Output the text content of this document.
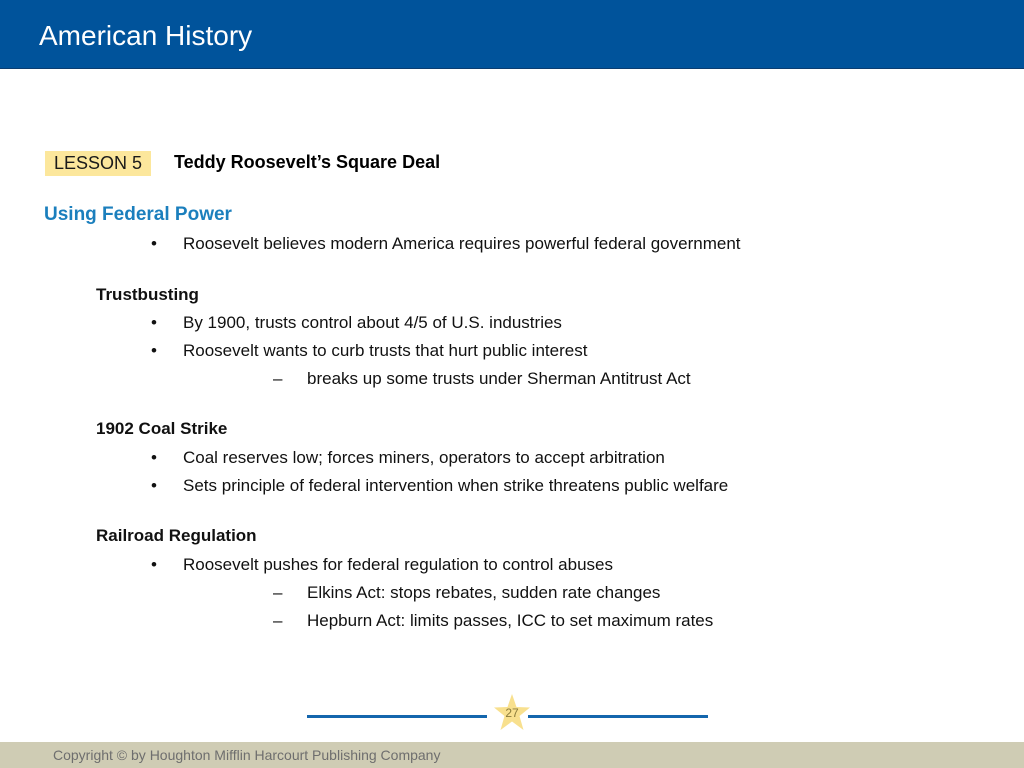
American History
LESSON 5 Teddy Roosevelt’s Square Deal
Using Federal Power
• Roosevelt believes modern America requires powerful federal government
Trustbusting
• By 1900, trusts control about 4/5 of U.S. industries
• Roosevelt wants to curb trusts that hurt public interest
– breaks up some trusts under Sherman Antitrust Act
1902 Coal Strike
• Coal reserves low; forces miners, operators to accept arbitration
• Sets principle of federal intervention when strike threatens public welfare
Railroad Regulation
• Roosevelt pushes for federal regulation to control abuses
– Elkins Act: stops rebates, sudden rate changes
– Hepburn Act: limits passes, ICC to set maximum rates
27
Copyright © by Houghton Mifflin Harcourt Publishing Company
